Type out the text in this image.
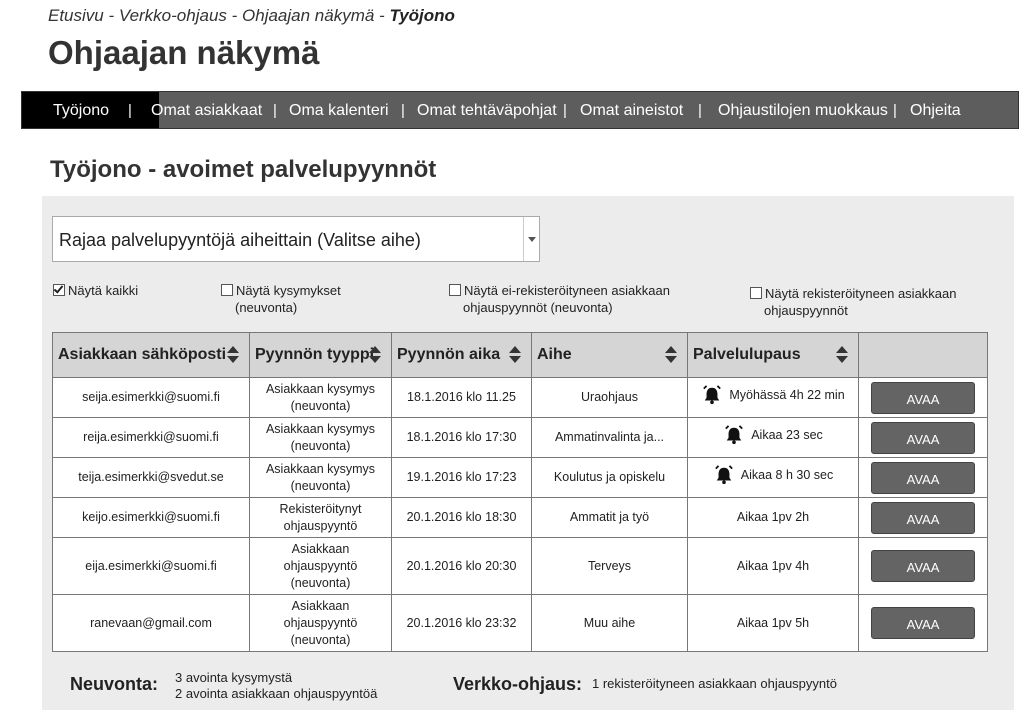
Etusivu - Verkko-ohjaus - Ohjaajan näkymä - Työjono
Ohjaajan näkymä
Työjono	| Omat asiakkaat | Oma kalenteri | Omat tehtäväpohjat | Omat aineistot | Ohjaustilojen muokkaus | Ohjeita
Työjono - avoimet palvelupyynnöt
Rajaa palvelupyyntöjä aiheittain (Valitse aihe)
Näytä kaikki	Näytä kysymykset
(neuvonta)
Näytä ei-rekisteröityneen asiakkaan
ohjauspyynnöt (neuvonta)
Näytä rekisteröityneen asiakkaan
ohjauspyynnöt
Asiakkaan sähköposti	Pyynnön tyyppi	Pyynnön aika	Aihe	Palvelulupaus

seija.esimerkki@suomi.fi	Asiakkaan kysymys
(neuvonta)	18.1.2016 klo 11.25	Uraohjaus	Myöhässä 4h 22 min	AVAA

reija.esimerkki@suomi.fi	Asiakkaan kysymys
(neuvonta)	18.1.2016 klo 17:30	Ammatinvalinta ja...	Aikaa 23 sec	AVAA

teija.esimerkki@svedut.se	Asiakkaan kysymys
(neuvonta)	19.1.2016 klo 17:23	Koulutus ja opiskelu	Aikaa 8 h 30 sec	AVAA

keijo.esimerkki@suomi.fi	Rekisteröitynyt
ohjauspyyntö	20.1.2016 klo 18:30	Ammatit ja työ	Aikaa 1pv 2h	AVAA

eija.esimerkki@suomi.fi	Asiakkaan
ohjauspyyntö
(neuvonta)	20.1.2016 klo 20:30	Terveys	Aikaa 1pv 4h	AVAA

ranevaan@gmail.com	Asiakkaan
ohjauspyyntö
(neuvonta)	20.1.2016 klo 23:32	Muu aihe	Aikaa 1pv 5h	AVAA
Neuvonta: 3 avointa kysymystä
2 avointa asiakkaan ohjauspyyntöä	Verkko-ohjaus: 1 rekisteröityneen asiakkaan ohjauspyyntö
